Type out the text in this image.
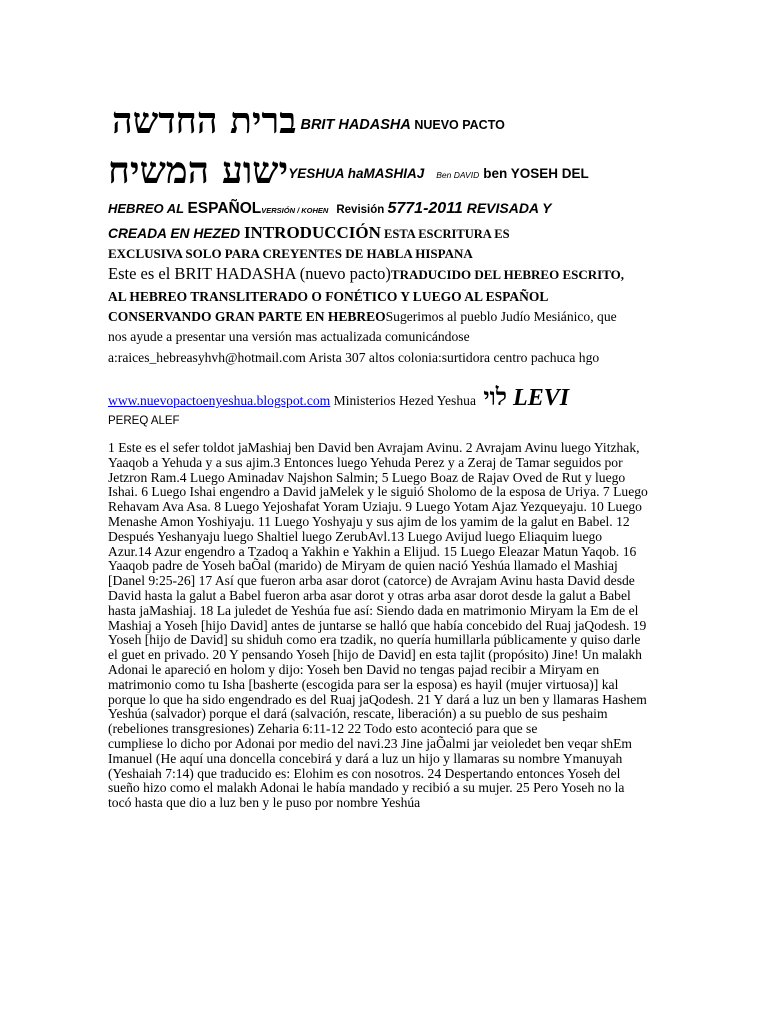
ברית החדשה BRIT HADASHA NUEVO PACTO
ישוע המשיחYESHUA haMASHIAJ Ben DAVID ben YOSEH DEL
HEBREO AL ESPAÑOLVERSIÓN / KOHEN Revisión 5771-2011 REVISADA Y
CREADA EN HEZED INTRODUCCIÓN ESTA ESCRITURA ES
EXCLUSIVA SOLO PARA CREYENTES DE HABLA HISPANA
Este es el BRIT HADASHA (nuevo pacto)TRADUCIDO DEL HEBREO ESCRITO,
AL HEBREO TRANSLITERADO O FONÉTICO Y LUEGO AL ESPAÑOL
CONSERVANDO GRAN PARTE EN HEBREOSugerimos al pueblo Judío Mesiánico, que
nos ayude a presentar una versión mas actualizada comunicándose
a:raices_hebreasyhvh@hotmail.com Arista 307 altos colonia:surtidora centro pachuca hgo
www.nuevopactoenyeshua.blogspot.com Ministerios Hezed Yeshua  לוי LEVI
PEREQ ALEF
1 Este es el sefer toldot jaMashiaj ben David ben Avrajam Avinu. 2 Avrajam Avinu luego Yitzhak,
Yaaqob a Yehuda y a sus ajim.3 Entonces luego Yehuda Perez y a Zeraj de Tamar seguidos por
Jetzron Ram.4 Luego Aminadav Najshon Salmin; 5 Luego Boaz de Rajav Oved de Rut y luego
Ishai. 6 Luego Ishai engendro a David jaMelek y le siguió Sholomo de la esposa de Uriya. 7 Luego
Rehavam Ava Asa. 8 Luego Yejoshafat Yoram Uziaju. 9 Luego Yotam Ajaz Yezqueyaju. 10 Luego
Menashe Amon Yoshiyaju. 11 Luego Yoshyaju y sus ajim de los yamim de la galut en Babel. 12
Después Yeshanyaju luego Shaltiel luego ZerubAvl.13 Luego Avijud luego Eliaquim luego
Azur.14 Azur engendro a Tzadoq a Yakhin e Yakhin a Elijud. 15 Luego Eleazar Matun Yaqob. 16
Yaaqob padre de Yoseh baÕal (marido) de Miryam de quien nació Yeshúa llamado el Mashiaj
[Danel 9:25-26] 17 Así que fueron arba asar dorot (catorce) de Avrajam Avinu hasta David desde
David hasta la galut a Babel fueron arba asar dorot y otras arba asar dorot desde la galut a Babel
hasta jaMashiaj. 18 La juledet de Yeshúa fue así: Siendo dada en matrimonio Miryam la Em de el
Mashiaj a Yoseh [hijo David] antes de juntarse se halló que había concebido del Ruaj jaQodesh. 19
Yoseh [hijo de David] su shiduh como era tzadik, no quería humillarla públicamente y quiso darle
el guet en privado. 20 Y pensando Yoseh [hijo de David] en esta tajlit (propósito) Jine! Un malakh
Adonai le apareció en holom y dijo: Yoseh ben David no tengas pajad recibir a Miryam en
matrimonio como tu Isha [basherte (escogida para ser la esposa) es hayil (mujer virtuosa)] kal
porque lo que ha sido engendrado es del Ruaj jaQodesh. 21 Y dará a luz un ben y llamaras Hashem
Yeshúa (salvador) porque el dará (salvación, rescate, liberación) a su pueblo de sus peshaim
(rebeliones transgresiones) Zeharia 6:11-12 22 Todo esto aconteció para que se
cumpliese lo dicho por Adonai por medio del navi.23 Jine jaÕalmi jar veioledet ben veqar shEm
Imanuel (He aquí una doncella concebirá y dará a luz un hijo y llamaras su nombre Ymanuyah
(Yeshaiah 7:14) que traducido es: Elohim es con nosotros. 24 Despertando entonces Yoseh del
sueño hizo como el malakh Adonai le había mandado y recibió a su mujer. 25 Pero Yoseh no la
tocó hasta que dio a luz ben y le puso por nombre Yeshúa
